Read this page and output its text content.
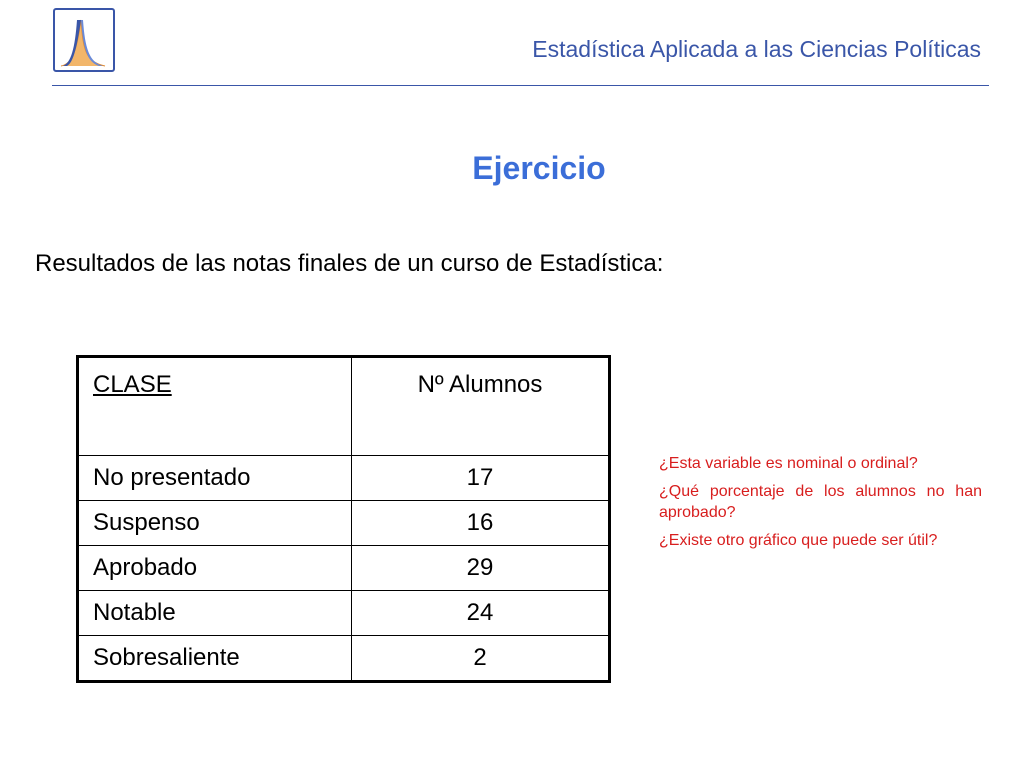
Estadística Aplicada a las Ciencias Políticas
Ejercicio
Resultados de las notas finales de un curso de Estadística:
CLASE	Nº Alumnos
No presentado	17
Suspenso	16
Aprobado	29
Notable	24
Sobresaliente	2

¿Esta variable es nominal o ordinal?

¿Qué porcentaje de los alumnos no han aprobado?

¿Existe otro gráfico que puede ser útil?
